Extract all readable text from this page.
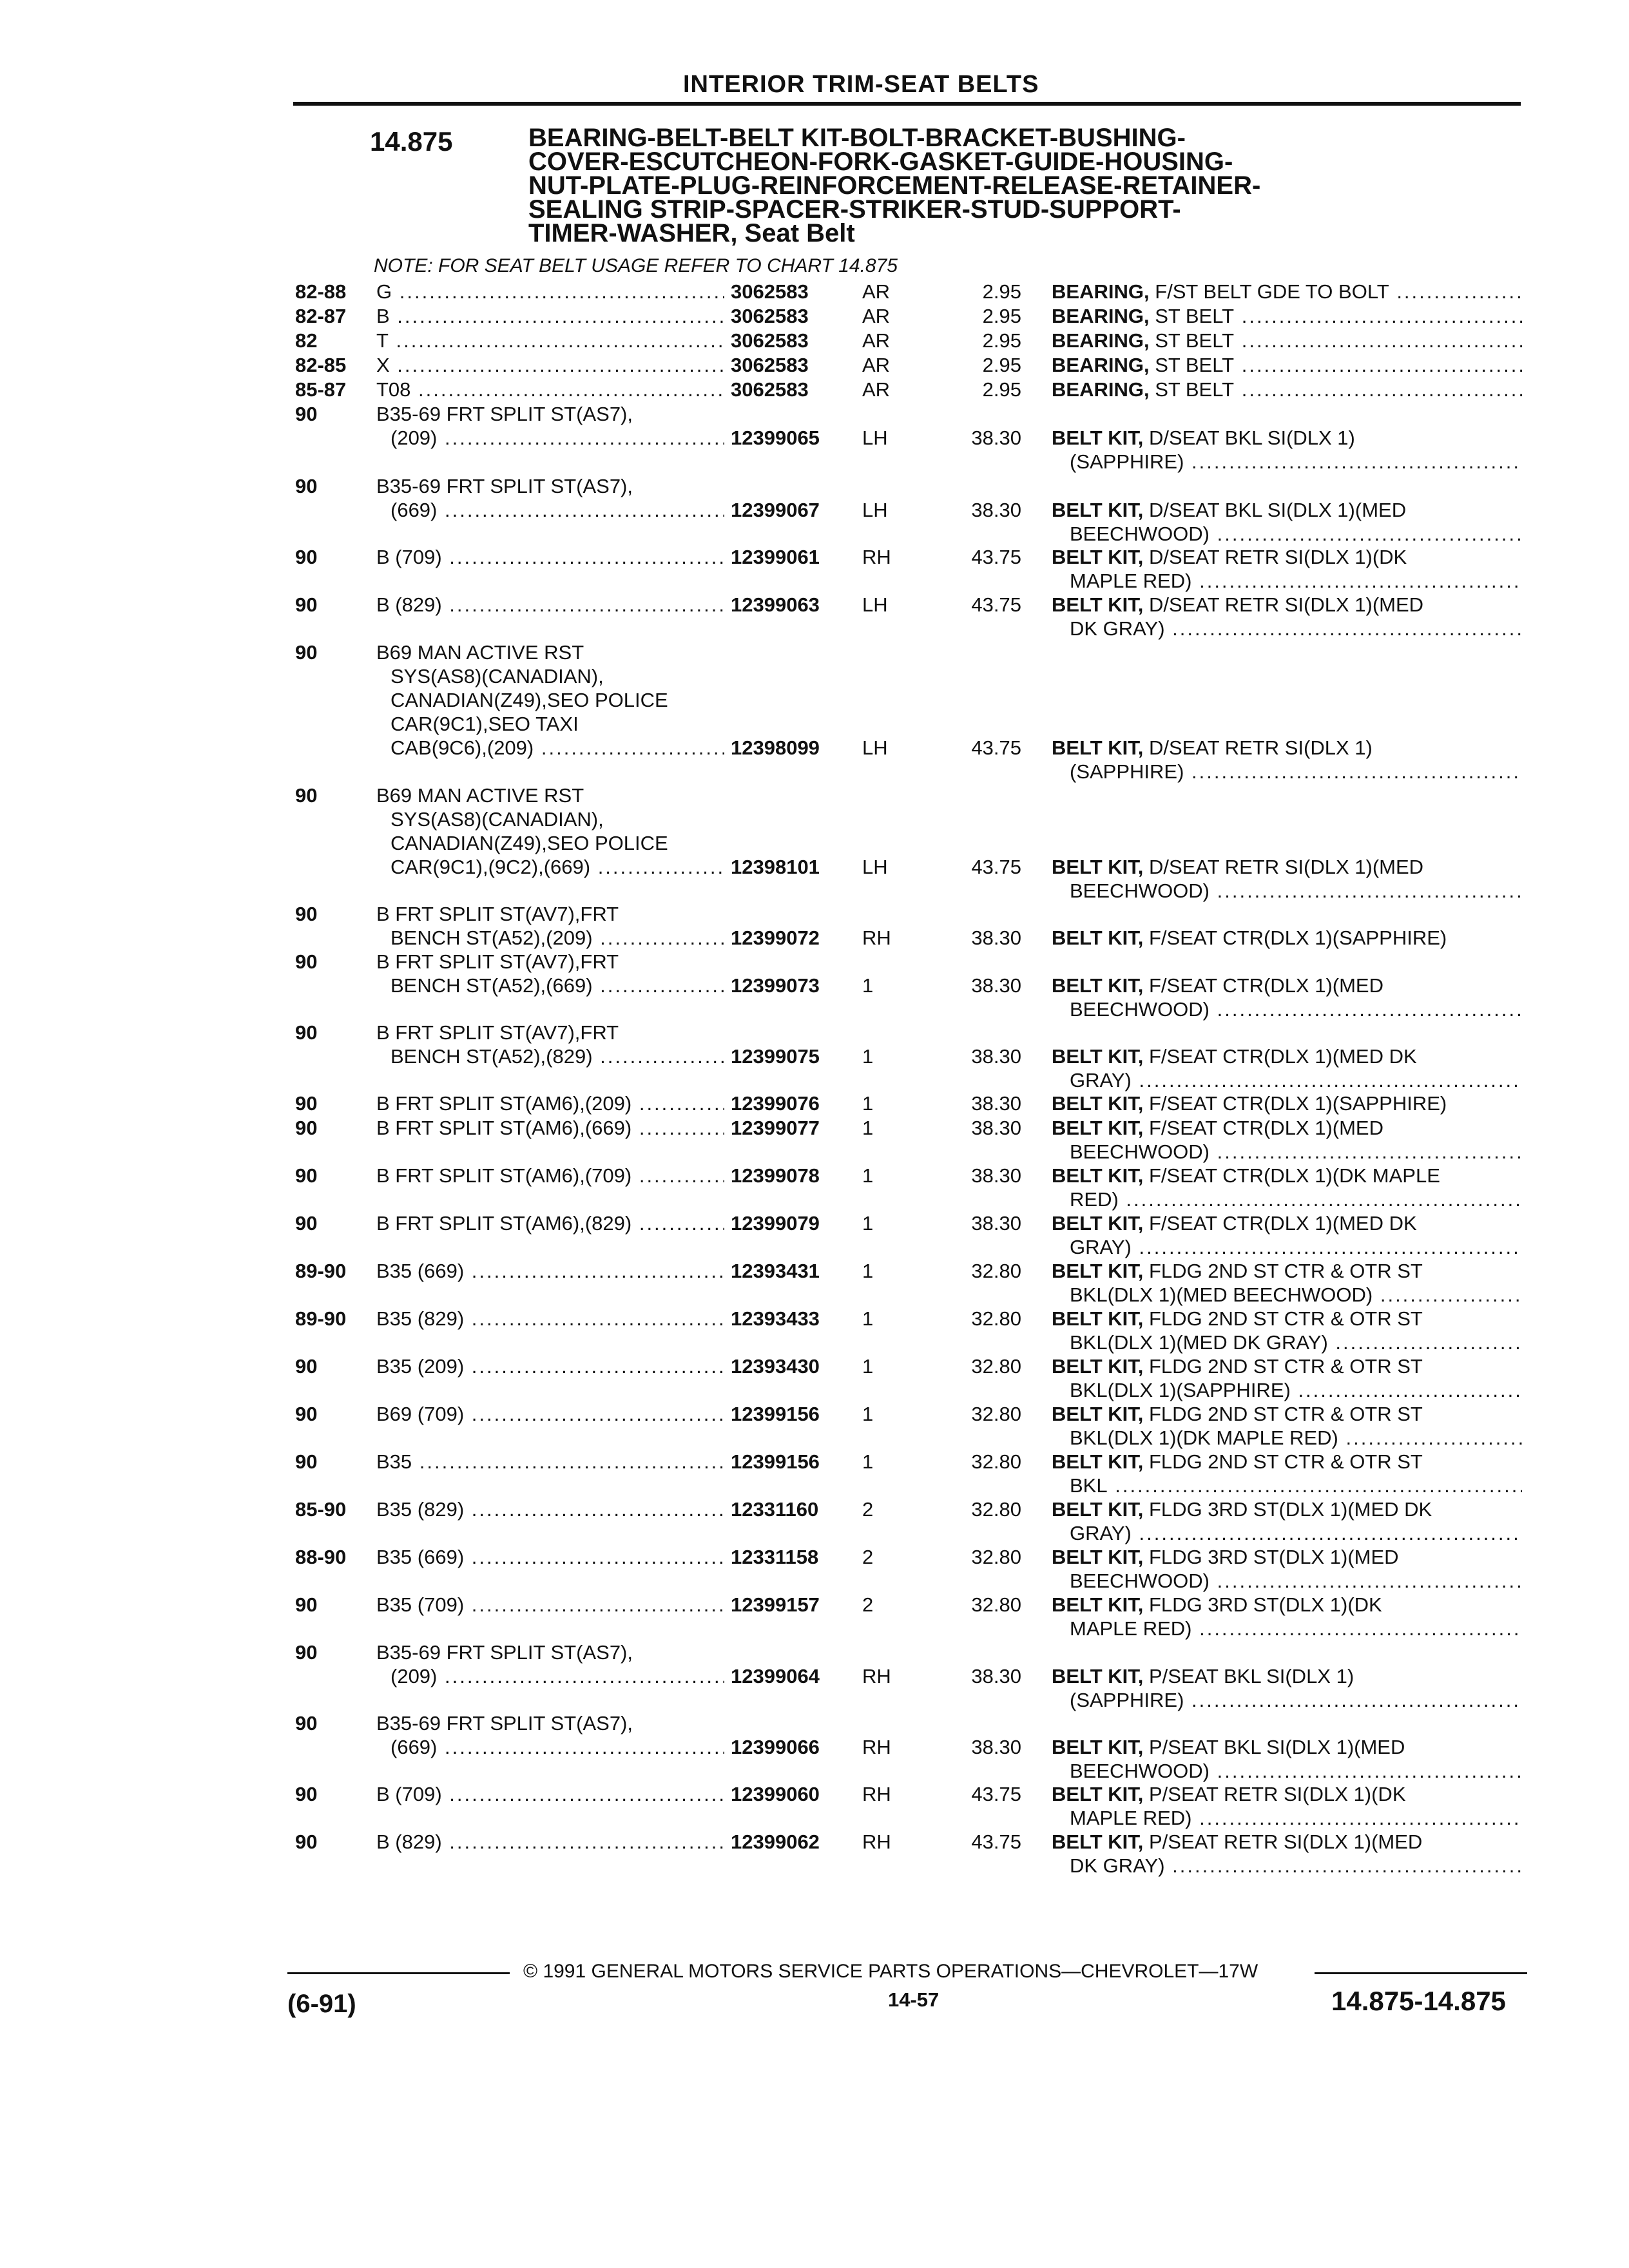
INTERIOR TRIM-SEAT BELTS
14.875	BEARING-BELT-BELT KIT-BOLT-BRACKET-BUSHING-
COVER-ESCUTCHEON-FORK-GASKET-GUIDE-HOUSING-
NUT-PLATE-PLUG-REINFORCEMENT-RELEASE-RETAINER-
SEALING STRIP-SPACER-STRIKER-STUD-SUPPORT-
TIMER-WASHER, Seat Belt
NOTE: FOR SEAT BELT USAGE REFER TO CHART 14.875
82-88 G .....	3062583	AR	2.95 BEARING, F/ST BELT GDE TO BOLT .....
82-87 B .....	3062583	AR	2.95 BEARING, ST BELT .....
82	T .....	3062583	AR	2.95 BEARING, ST BELT .....
82-85 X .....	3062583	AR	2.95 BEARING, ST BELT .....
85-87 T08 .....	3062583	AR	2.95 BEARING, ST BELT .....
90	B35-69 FRT SPLIT ST(AS7),
(209) .....	12399065 LH	38.30 BELT KIT, D/SEAT BKL SI(DLX 1)
(SAPPHIRE) .....
90	B35-69 FRT SPLIT ST(AS7),
(669) .....	12399067 LH	38.30 BELT KIT, D/SEAT BKL SI(DLX 1)(MED
BEECHWOOD) .....
90	B (709) .....	12399061 RH	43.75 BELT KIT, D/SEAT RETR SI(DLX 1)(DK
MAPLE RED) .....
90	B (829) .....	12399063 LH	43.75 BELT KIT, D/SEAT RETR SI(DLX 1)(MED
DK GRAY) .....
90	B69 MAN ACTIVE RST
SYS(AS8)(CANADIAN),
CANADIAN(Z49),SEO POLICE
CAR(9C1),SEO TAXI
CAB(9C6),(209) .....	12398099 LH	43.75 BELT KIT, D/SEAT RETR SI(DLX 1)
(SAPPHIRE) .....
90	B69 MAN ACTIVE RST
SYS(AS8)(CANADIAN),
CANADIAN(Z49),SEO POLICE
CAR(9C1),(9C2),(669) .....	12398101 LH	43.75 BELT KIT, D/SEAT RETR SI(DLX 1)(MED
BEECHWOOD) .....
90	B FRT SPLIT ST(AV7),FRT
BENCH ST(A52),(209) .....	12399072 RH	38.30 BELT KIT, F/SEAT CTR(DLX 1)(SAPPHIRE)
90	B FRT SPLIT ST(AV7),FRT
BENCH ST(A52),(669) .....	12399073 1	38.30 BELT KIT, F/SEAT CTR(DLX 1)(MED
BEECHWOOD) .....
90	B FRT SPLIT ST(AV7),FRT
BENCH ST(A52),(829) .....	12399075 1	38.30 BELT KIT, F/SEAT CTR(DLX 1)(MED DK
GRAY) .....
90	B FRT SPLIT ST(AM6),(209) .....	12399076 1	38.30 BELT KIT, F/SEAT CTR(DLX 1)(SAPPHIRE)
90	B FRT SPLIT ST(AM6),(669) .....	12399077 1	38.30 BELT KIT, F/SEAT CTR(DLX 1)(MED
BEECHWOOD) .....
90	B FRT SPLIT ST(AM6),(709) .....	12399078 1	38.30 BELT KIT, F/SEAT CTR(DLX 1)(DK MAPLE
RED) .....
90	B FRT SPLIT ST(AM6),(829) .....	12399079 1	38.30 BELT KIT, F/SEAT CTR(DLX 1)(MED DK
GRAY) .....
89-90 B35 (669) .....	12393431 1	32.80 BELT KIT, FLDG 2ND ST CTR & OTR ST
BKL(DLX 1)(MED BEECHWOOD) .....
89-90 B35 (829) .....	12393433 1	32.80 BELT KIT, FLDG 2ND ST CTR & OTR ST
BKL(DLX 1)(MED DK GRAY) .....
90	B35 (209) .....	12393430 1	32.80 BELT KIT, FLDG 2ND ST CTR & OTR ST
BKL(DLX 1)(SAPPHIRE) .....
90	B69 (709) .....	12399156 1	32.80 BELT KIT, FLDG 2ND ST CTR & OTR ST
BKL(DLX 1)(DK MAPLE RED) .....
90	B35 .....	12399156 1	32.80 BELT KIT, FLDG 2ND ST CTR & OTR ST
BKL .....
85-90 B35 (829) .....	12331160 2	32.80 BELT KIT, FLDG 3RD ST(DLX 1)(MED DK
GRAY) .....
88-90 B35 (669) .....	12331158 2	32.80 BELT KIT, FLDG 3RD ST(DLX 1)(MED
BEECHWOOD) .....
90	B35 (709) .....	12399157 2	32.80 BELT KIT, FLDG 3RD ST(DLX 1)(DK
MAPLE RED) .....
90	B35-69 FRT SPLIT ST(AS7),
(209) .....	12399064 RH	38.30 BELT KIT, P/SEAT BKL SI(DLX 1)
(SAPPHIRE) .....
90	B35-69 FRT SPLIT ST(AS7),
(669) .....	12399066 RH	38.30 BELT KIT, P/SEAT BKL SI(DLX 1)(MED
BEECHWOOD) .....
90	B (709) .....	12399060 RH	43.75 BELT KIT, P/SEAT RETR SI(DLX 1)(DK
MAPLE RED) .....
90	B (829) .....	12399062 RH	43.75 BELT KIT, P/SEAT RETR SI(DLX 1)(MED
DK GRAY) .....
© 1991 GENERAL MOTORS SERVICE PARTS OPERATIONS—CHEVROLET—17W
(6-91)	14-57	14.875-14.875
